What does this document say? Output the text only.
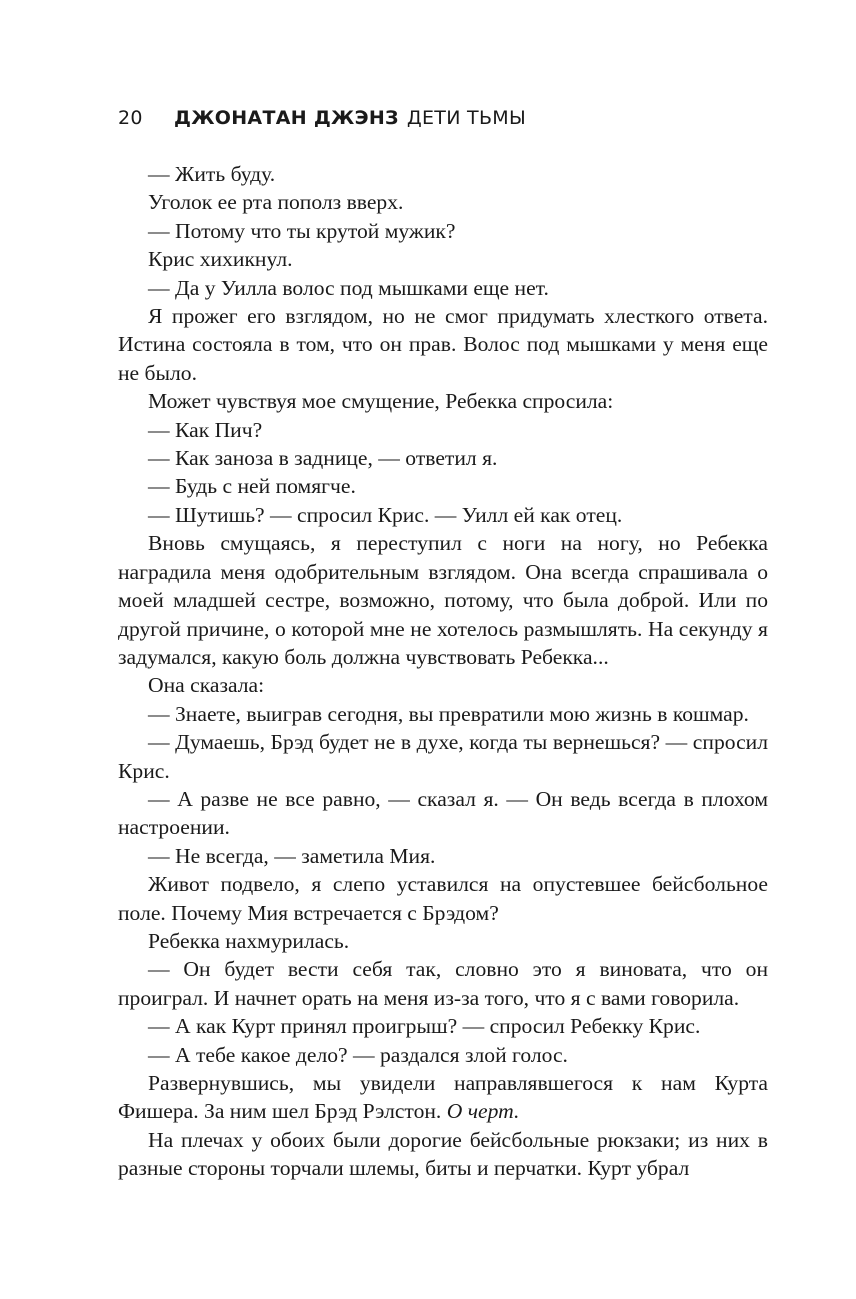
20 ДЖОНАТАН ДЖЭНЗ ДЕТИ ТЬМЫ

— Жить буду.

Уголок ее рта пополз вверх.

— Потому что ты крутой мужик?

Крис хихикнул.

— Да у Уилла волос под мышками еще нет.

Я прожег его взглядом, но не смог придумать хлесткого ответа. Истина состояла в том, что он прав. Волос под мышками у меня еще не было.

Может чувствуя мое смущение, Ребекка спросила:

— Как Пич?

— Как заноза в заднице, — ответил я.

— Будь с ней помягче.

— Шутишь? — спросил Крис. — Уилл ей как отец.

Вновь смущаясь, я переступил с ноги на ногу, но Ребекка наградила меня одобрительным взглядом. Она всегда спрашивала о моей младшей сестре, возможно, потому, что была доброй. Или по другой причине, о которой мне не хотелось размышлять. На секунду я задумался, какую боль должна чувствовать Ребекка...

Она сказала:

— Знаете, выиграв сегодня, вы превратили мою жизнь в кошмар.

— Думаешь, Брэд будет не в духе, когда ты вернешься? — спросил Крис.

— А разве не все равно, — сказал я. — Он ведь всегда в плохом настроении.

— Не всегда, — заметила Мия.

Живот подвело, я слепо уставился на опустевшее бейсбольное поле. Почему Мия встречается с Брэдом?

Ребекка нахмурилась.

— Он будет вести себя так, словно это я виновата, что он проиграл. И начнет орать на меня из-за того, что я с вами говорила.

— А как Курт принял проигрыш? — спросил Ребекку Крис.

— А тебе какое дело? — раздался злой голос.

Развернувшись, мы увидели направлявшегося к нам Курта Фишера. За ним шел Брэд Рэлстон. О черт.

На плечах у обоих были дорогие бейсбольные рюкзаки; из них в разные стороны торчали шлемы, биты и перчатки. Курт убрал
